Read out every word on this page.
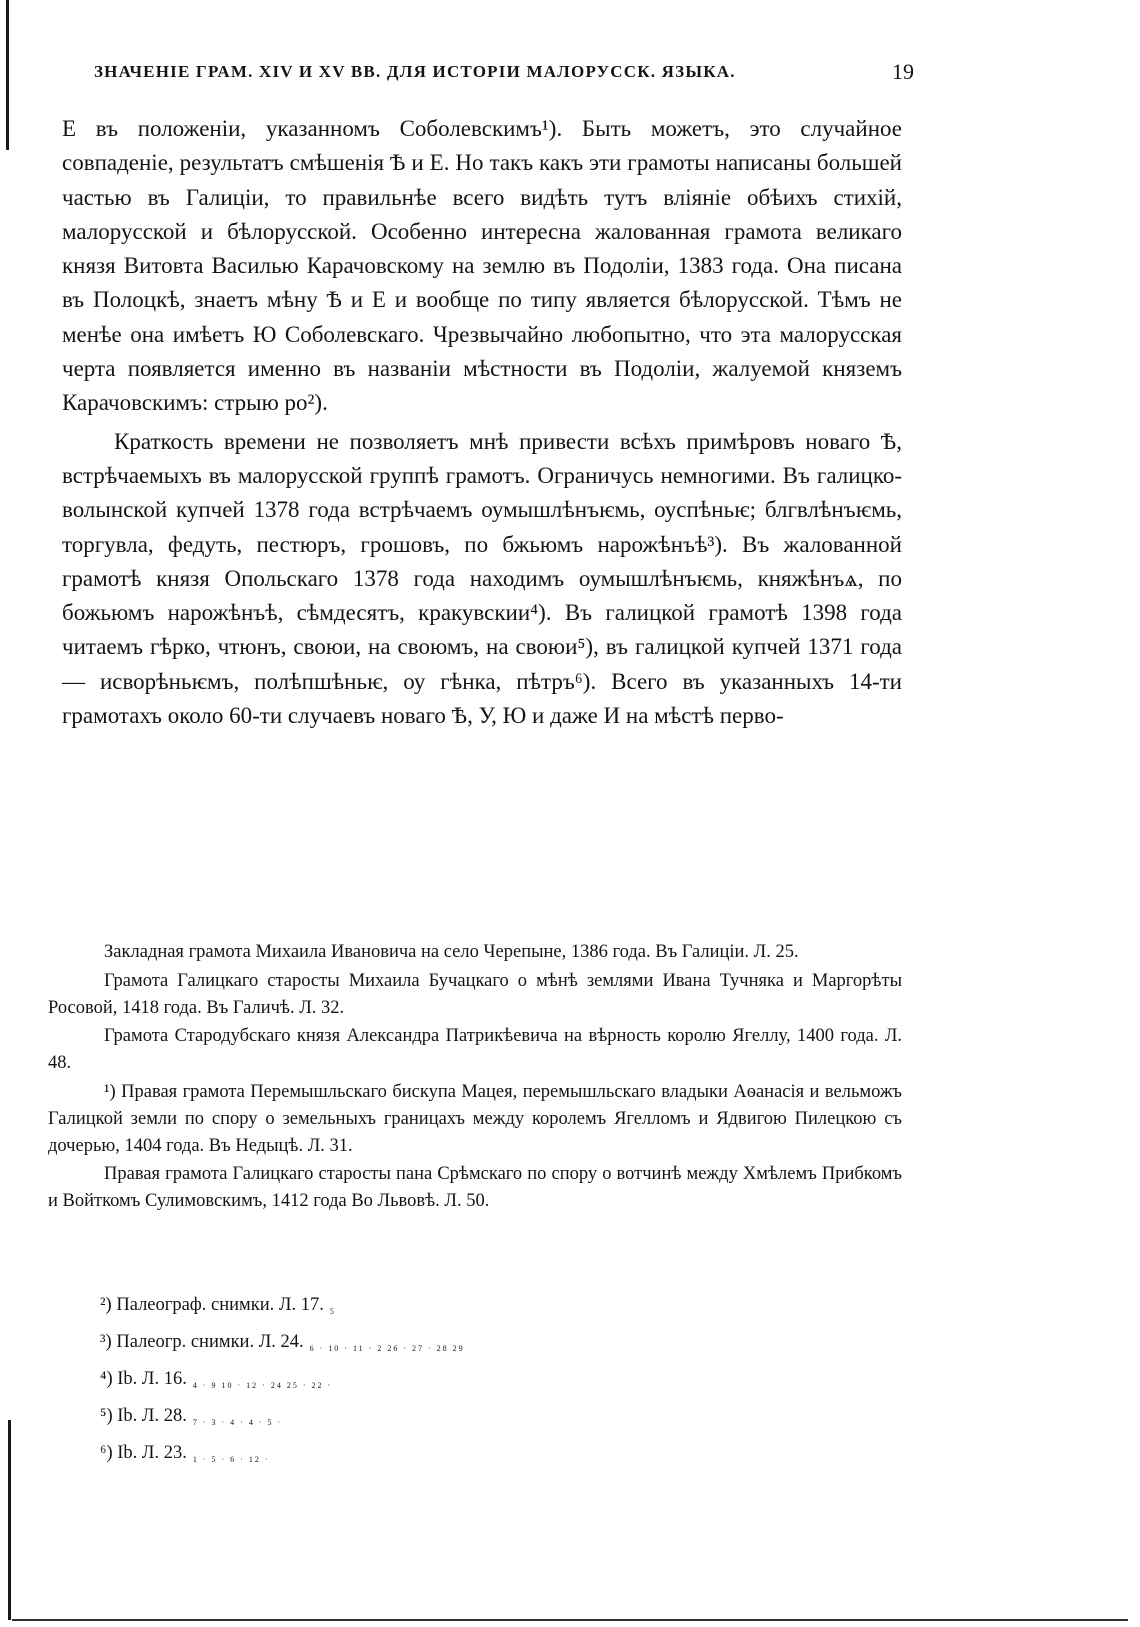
ЗНАЧЕНІЕ ГРАМ. XIV И XV ВВ. ДЛЯ ИСТОРІИ МАЛОРУССК. ЯЗЫКА.	19

Е въ положеніи, указанномъ Соболевскимъ¹). Быть можетъ, это случайное совпаденіе, результатъ смѣшенія Ѣ и Е. Но такъ какъ эти грамоты написаны большей частью въ Галиціи, то правильнѣе всего видѣть тутъ вліяніе обѣихъ стихій, малорусской и бѣлорусской. Особенно интересна жалованная грамота великаго князя Витовта Василью Карачовскому на землю въ Подоліи, 1383 года. Она писана въ Полоцкѣ, знаетъ мѣну Ѣ и Е и вообще по типу является бѣлорусской. Тѣмъ не менѣе она имѣетъ Ю Соболевскаго. Чрезвычайно любопытно, что эта малорусская черта появляется именно въ названіи мѣстности въ Подоліи, жалуемой княземъ Карачовскимъ: стрыю ро²).

Краткость времени не позволяетъ мнѣ привести всѣхъ примѣровъ новаго Ѣ, встрѣчаемыхъ въ малорусской группѣ грамотъ. Ограничусь немногими. Въ галицко-волынской купчей 1378 года встрѣчаемъ оумышлѣнъѥмь, оуспѣньѥ; блгвлѣнъѥмь, торгувла, федуть, пестюръ, грошовъ, по бжьюмъ нарожѣнъѣ³). Въ жалованной грамотѣ князя Опольскаго 1378 года находимъ оумышлѣнъѥмь, княжѣнъѧ, по божьюмъ нарожѣнъѣ, сѣмдесятъ, кракувскии⁴). Въ галицкой грамотѣ 1398 года читаемъ гѣрко, чтюнъ, своюи, на своюмъ, на своюи⁵), въ галицкой купчей 1371 года — исворѣньѥмъ, полѣпшѣньѥ, оу гѣнка, пѣтръ⁶). Всего въ указанныхъ 14-ти грамотахъ около 60-ти случаевъ новаго Ѣ, У, Ю и даже И на мѣстѣ перво-

Закладная грамота Михаила Ивановича на село Черепыне, 1386 года. Въ Галиціи. Л. 25.

Грамота Галицкаго старосты Михаила Бучацкаго о мѣнѣ землями Ивана Тучняка и Маргорѣты Росовой, 1418 года. Въ Галичѣ. Л. 32.

Грамота Стародубскаго князя Александра Патрикѣевича на вѣрность королю Ягеллу, 1400 года. Л. 48.

¹) Правая грамота Перемышльскаго бискупа Мацея, перемышльскаго владыки Аѳанасія и вельможъ Галицкой земли по спору о земельныхъ границахъ между королемъ Ягелломъ и Ядвигою Пилецкою съ дочерью, 1404 года. Въ Недыцѣ. Л. 31.

Правая грамота Галицкаго старосты пана Срѣмскаго по спору о вотчинѣ между Хмѣлемъ Прибкомъ и Войткомъ Сулимовскимъ, 1412 года Во Львовѣ. Л. 50.

²) Палеограф. снимки. Л. 17. $_5$
³) Палеогр. снимки. Л. 24. $_{6 \cdot 10 \cdot 11 \cdot 2 26 \cdot 27 \cdot 28 29}$
⁴) Ib. Л. 16. $_{4 \cdot 9 10 \cdot 12 \cdot 24 25 \cdot 22 \cdot}$
⁵) Ib. Л. 28. $_{7 \cdot 3 \cdot 4 \cdot 4 \cdot 5 \cdot}$
⁶) Ib. Л. 23. $_{1 \cdot 5 \cdot 6 \cdot 12 \cdot}$
